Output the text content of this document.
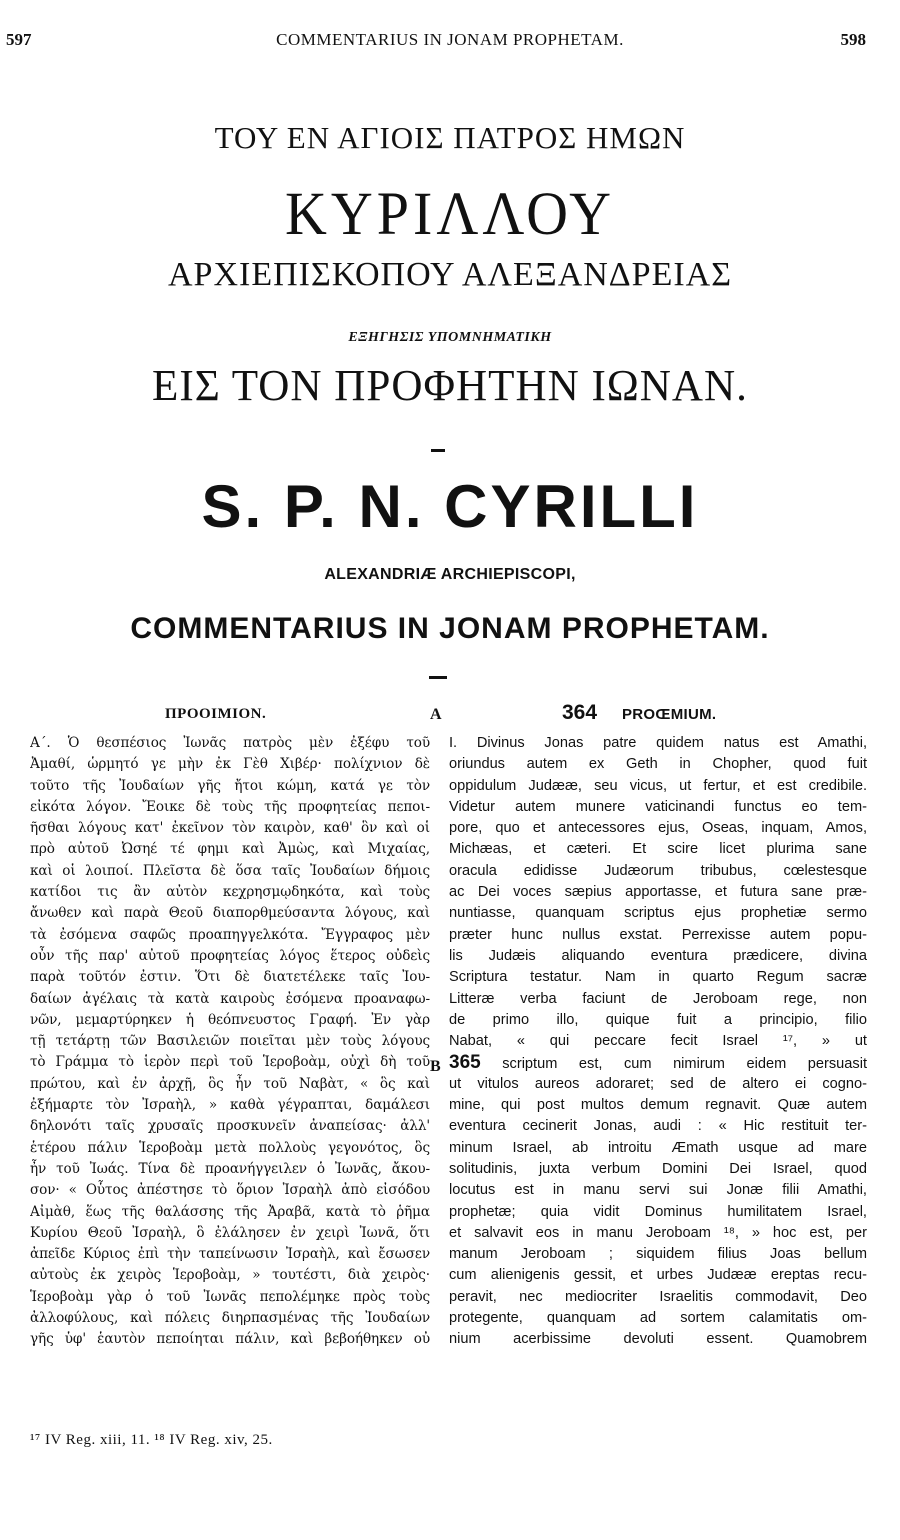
597	COMMENTARIUS IN JONAM PROPHETAM.	598
ΤΟΥ ΕΝ ΑΓΙΟΙΣ ΠΑΤΡΟΣ ΗΜΩΝ
ΚΥΡΙΛΛΟΥ
ΑΡΧΙΕΠΙΣΚΟΠΟΥ ΑΛΕΞΑΝΔΡΕΙΑΣ
ΕΞΗΓΗΣΙΣ ΥΠΟΜΝΗΜΑΤΙΚΗ
ΕΙΣ ΤΟΝ ΠΡΟΦΗΤΗΝ ΙΩΝΑΝ.
S. P. N. CYRILLI
ALEXANDRIÆ ARCHIEPISCOPI,
COMMENTARIUS IN JONAM PROPHETAM.
ΠΡΟΟΙΜΙΟΝ.	A	364 PROŒMIUM.
Α΄. Ὁ θεσπέσιος Ἰωνᾶς πατρὸς μὲν ἐξέφυ τοῦ
Ἀμαθί, ὡρμητό γε μὴν ἐκ Γὲθ Χιβέρ· πολίχνιον δὲ
τοῦτο τῆς Ἰουδαίων γῆς ἤτοι κώμη, κατά γε τὸν
εἰκότα λόγον. Ἔοικε δὲ τοὺς τῆς προφητείας πεποι-
ῆσθαι λόγους κατ' ἐκεῖνον τὸν καιρὸν, καθ' ὃν καὶ οἱ
πρὸ αὐτοῦ Ὠσηέ τέ φημι καὶ Ἀμὼς, καὶ Μιχαίας,
καὶ οἱ λοιποί. Πλεῖστα δὲ ὅσα ταῖς Ἰουδαίων δήμοις
κατίδοι τις ἂν αὐτὸν κεχρησμῳδηκότα, καὶ τοὺς
ἄνωθεν καὶ παρὰ Θεοῦ διαπορθμεύσαντα λόγους, καὶ
τὰ ἐσόμενα σαφῶς προαπηγγελκότα. Ἔγγραφος μὲν
οὖν τῆς παρ' αὐτοῦ προφητείας λόγος ἕτερος οὐδεὶς
παρὰ τοῦτόν ἐστιν. Ὅτι δὲ διατετέλεκε ταῖς Ἰου-
δαίων ἀγέλαις τὰ κατὰ καιροὺς ἐσόμενα προαναφω-
νῶν, μεμαρτύρηκεν ἡ θεόπνευστος Γραφή. Ἐν γὰρ
τῇ τετάρτῃ τῶν Βασιλειῶν ποιεῖται μὲν τοὺς λόγους
τὸ Γράμμα τὸ ἱερὸν περὶ τοῦ Ἱεροβοὰμ, οὐχὶ δὴ τοῦ
πρώτου, καὶ ἐν ἀρχῇ, ὃς ἦν τοῦ Ναβὰτ, « ὃς καὶ
ἐξήμαρτε τὸν Ἰσραὴλ, » καθὰ γέγραπται, δαμάλεσι
δηλονότι ταῖς χρυσαῖς προσκυνεῖν ἀναπείσας· ἀλλ'
ἑτέρου πάλιν Ἱεροβοὰμ μετὰ πολλοὺς γεγονότος, ὃς
ἦν τοῦ Ἰωάς. Τίνα δὲ προανήγγειλεν ὁ Ἰωνᾶς, ἄκου-
σον· « Οὗτος ἀπέστησε τὸ ὅριον Ἰσραὴλ ἀπὸ εἰσόδου
Αἰμὰθ, ἕως τῆς θαλάσσης τῆς Ἀραβᾶ, κατὰ τὸ ῥῆμα
Κυρίου Θεοῦ Ἰσραὴλ, ὃ ἐλάλησεν ἐν χειρὶ Ἰωνᾶ, ὅτι
ἀπεῖδε Κύριος ἐπὶ τὴν ταπείνωσιν Ἰσραὴλ, καὶ ἔσωσεν
αὐτοὺς ἐκ χειρὸς Ἱεροβοὰμ, » τουτέστι, διὰ χειρὸς·
Ἱεροβοὰμ γὰρ ὁ τοῦ Ἰωνᾶς πεπολέμηκε πρὸς τοὺς
ἀλλοφύλους, καὶ πόλεις διηρπασμένας τῆς Ἰουδαίων
γῆς ὑφ' ἑαυτὸν πεποίηται πάλιν, καὶ βεβοήθηκεν οὐ
B
I. Divinus Jonas patre quidem natus est Amathi,
oriundus autem ex Geth in Chopher, quod fuit
oppidulum Judææ, seu vicus, ut fertur, et est credibile.
Videtur autem munere vaticinandi functus eo tem-
pore, quo et antecessores ejus, Oseas, inquam, Amos,
Michæas, et cæteri. Et scire licet plurima sane
oracula edidisse Judæorum tribubus, cœlestesque
ac Dei voces sæpius apportasse, et futura sane præ-
nuntiasse, quanquam scriptus ejus prophetiæ sermo
præter hunc nullus exstat. Perrexisse autem popu-
lis Judæis aliquando eventura prædicere, divina
Scriptura testatur. Nam in quarto Regum sacræ
Litteræ verba faciunt de Jeroboam rege, non
de primo illo, quique fuit a principio, filio
Nabat, « qui peccare fecit Israel ¹⁷, » ut
365 scriptum est, cum nimirum eidem persuasit
ut vitulos aureos adoraret; sed de altero ei cogno-
mine, qui post multos demum regnavit. Quæ autem
eventura cecinerit Jonas, audi : « Hic restituit ter-
minum Israel, ab introitu Æmath usque ad mare
solitudinis, juxta verbum Domini Dei Israel, quod
locutus est in manu servi sui Jonæ filii Amathi,
prophetæ; quia vidit Dominus humilitatem Israel,
et salvavit eos in manu Jeroboam ¹⁸, » hoc est, per
manum Jeroboam ; siquidem filius Joas bellum
cum alienigenis gessit, et urbes Judææ ereptas recu-
peravit, nec mediocriter Israelitis commodavit, Deo
protegente, quanquam ad sortem calamitatis om-
nium acerbissime devoluti essent. Quamobrem
¹⁷ IV Reg. xiii, 11. ¹⁸ IV Reg. xiv, 25.
